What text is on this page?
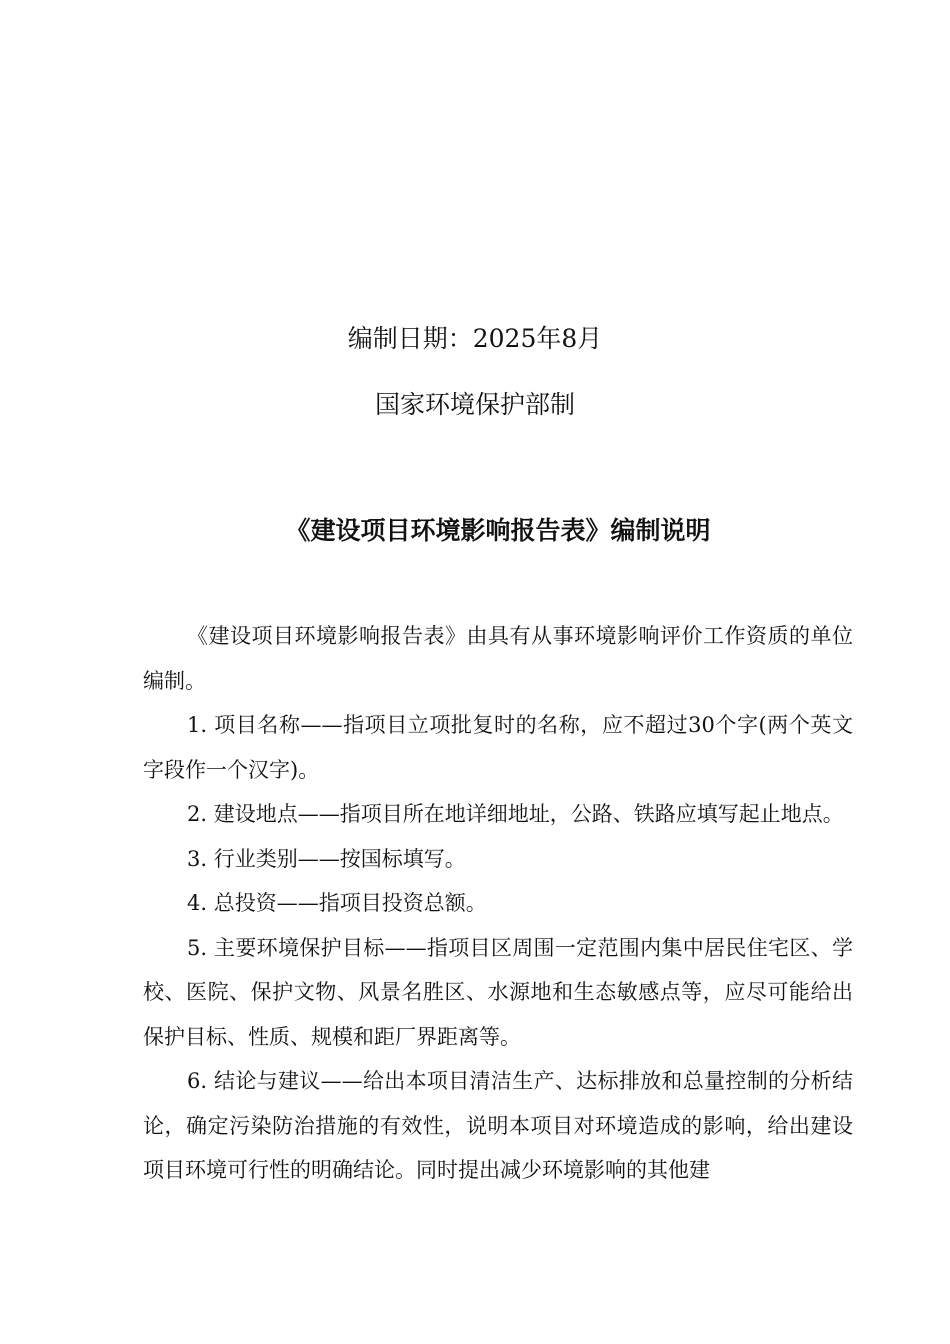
编制日期：2025年8月
国家环境保护部制
《建设项目环境影响报告表》编制说明

《建设项目环境影响报告表》由具有从事环境影响评价工作资质的单位编制。

1. 项目名称——指项目立项批复时的名称，应不超过30个字(两个英文字段作一个汉字)。

2. 建设地点——指项目所在地详细地址，公路、铁路应填写起止地点。

3. 行业类别——按国标填写。

4. 总投资——指项目投资总额。

5. 主要环境保护目标——指项目区周围一定范围内集中居民住宅区、学校、医院、保护文物、风景名胜区、水源地和生态敏感点等，应尽可能给出保护目标、性质、规模和距厂界距离等。

6. 结论与建议——给出本项目清洁生产、达标排放和总量控制的分析结论，确定污染防治措施的有效性，说明本项目对环境造成的影响，给出建设项目环境可行性的明确结论。同时提出减少环境影响的其他建
